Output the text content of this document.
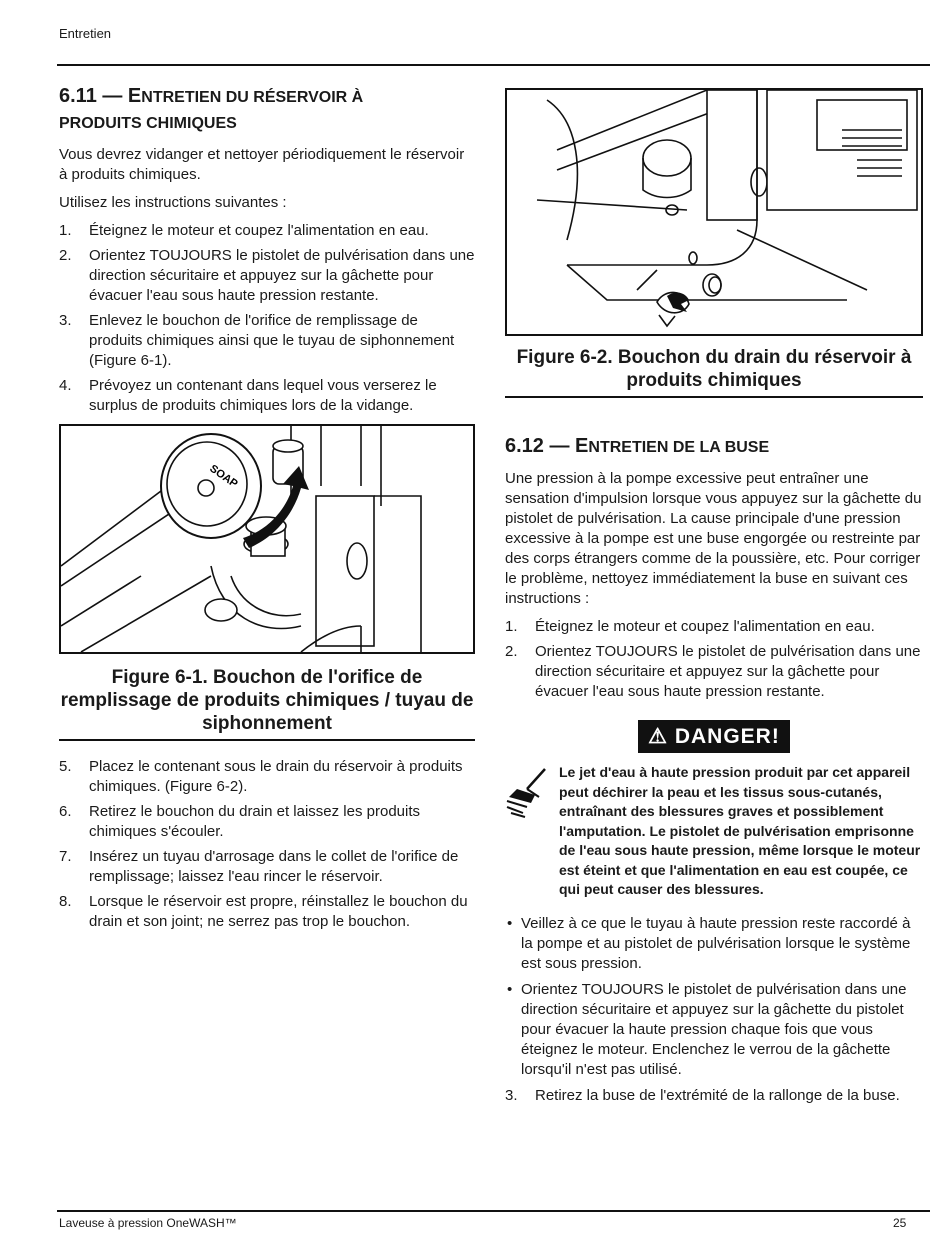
Entretien
6.11 — ENTRETIEN DU RÉSERVOIR À
PRODUITS CHIMIQUES

Vous devrez vidanger et nettoyer périodiquement le réservoir à produits chimiques.

Utilisez les instructions suivantes :

1. Éteignez le moteur et coupez l'alimentation en eau.
2. Orientez TOUJOURS le pistolet de pulvérisation dans une direction sécuritaire et appuyez sur la gâchette pour évacuer l'eau sous haute pression restante.
3. Enlevez le bouchon de l'orifice de remplissage de produits chimiques ainsi que le tuyau de siphonnement (Figure 6-1).
4. Prévoyez un contenant dans lequel vous verserez le surplus de produits chimiques lors de la vidange.
SOAP
Figure 6-1. Bouchon de l'orifice de remplissage de produits chimiques / tuyau de siphonnement
5. Placez le contenant sous le drain du réservoir à produits chimiques. (Figure 6-2).
6. Retirez le bouchon du drain et laissez les produits chimiques s'écouler.
7. Insérez un tuyau d'arrosage dans le collet de l'orifice de remplissage; laissez l'eau rincer le réservoir.
8. Lorsque le réservoir est propre, réinstallez le bouchon du drain et son joint; ne serrez pas trop le bouchon.
Figure 6-2. Bouchon du drain du réservoir à produits chimiques
6.12 — ENTRETIEN DE LA BUSE

Une pression à la pompe excessive peut entraîner une sensation d'impulsion lorsque vous appuyez sur la gâchette du pistolet de pulvérisation. La cause principale d'une pression excessive à la pompe est une buse engorgée ou restreinte par des corps étrangers comme de la poussière, etc. Pour corriger le problème, nettoyez immédiatement la buse en suivant ces instructions :

1. Éteignez le moteur et coupez l'alimentation en eau.
2. Orientez TOUJOURS le pistolet de pulvérisation dans une direction sécuritaire et appuyez sur la gâchette pour évacuer l'eau sous haute pression restante.
⚠ DANGER!
Le jet d'eau à haute pression produit par cet appareil peut déchirer la peau et les tissus sous-cutanés, entraînant des blessures graves et possiblement l'amputation. Le pistolet de pulvérisation emprisonne de l'eau sous haute pression, même lorsque le moteur est éteint et que l'alimentation en eau est coupée, ce qui peut causer des blessures.
• Veillez à ce que le tuyau à haute pression reste raccordé à la pompe et au pistolet de pulvérisation lorsque le système est sous pression.
• Orientez TOUJOURS le pistolet de pulvérisation dans une direction sécuritaire et appuyez sur la gâchette du pistolet pour évacuer la haute pression chaque fois que vous éteignez le moteur. Enclenchez le verrou de la gâchette lorsqu'il n'est pas utilisé.
3. Retirez la buse de l'extrémité de la rallonge de la buse.
Laveuse à pression OneWASH™	25
